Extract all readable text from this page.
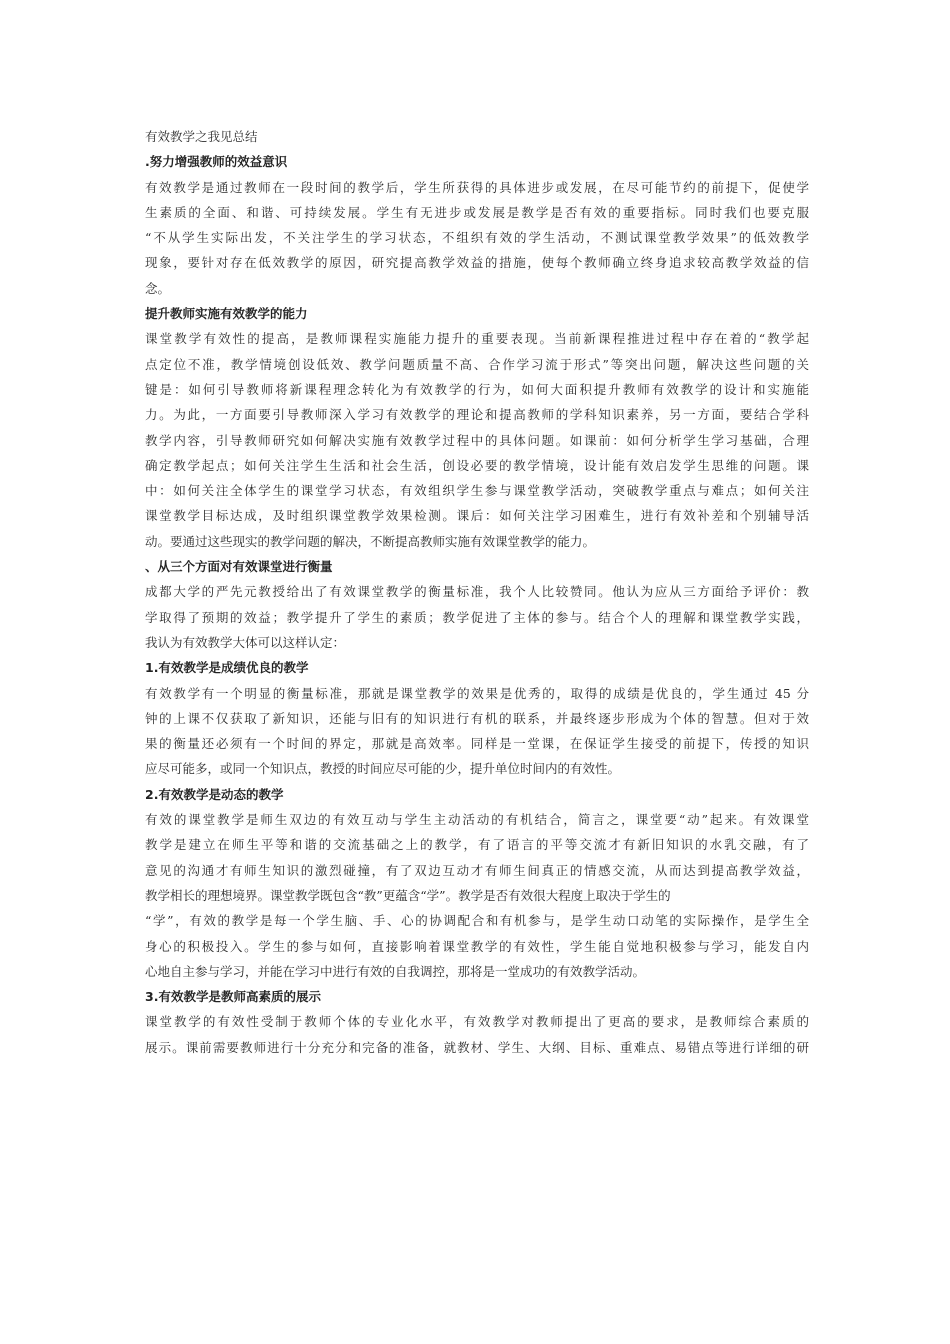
有效教学之我见总结
.努力增强教师的效益意识
有效教学是通过教师在一段时间的教学后，学生所获得的具体进步或发展，在尽可能节约的前提下，促使学
生素质的全面、和谐、可持续发展。学生有无进步或发展是教学是否有效的重要指标。同时我们也要克服
“不从学生实际出发，不关注学生的学习状态，不组织有效的学生活动，不测试课堂教学效果”的低效教学
现象，要针对存在低效教学的原因，研究提高教学效益的措施，使每个教师确立终身追求较高教学效益的信
念。
提升教师实施有效教学的能力
课堂教学有效性的提高，是教师课程实施能力提升的重要表现。当前新课程推进过程中存在着的“教学起
点定位不准，教学情境创设低效、教学问题质量不高、合作学习流于形式”等突出问题，解决这些问题的关
键是：如何引导教师将新课程理念转化为有效教学的行为，如何大面积提升教师有效教学的设计和实施能
力。为此，一方面要引导教师深入学习有效教学的理论和提高教师的学科知识素养，另一方面，要结合学科
教学内容，引导教师研究如何解决实施有效教学过程中的具体问题。如课前：如何分析学生学习基础，合理
确定教学起点；如何关注学生生活和社会生活，创设必要的教学情境，设计能有效启发学生思维的问题。课
中：如何关注全体学生的课堂学习状态，有效组织学生参与课堂教学活动，突破教学重点与难点；如何关注
课堂教学目标达成，及时组织课堂教学效果检测。课后：如何关注学习困难生，进行有效补差和个别辅导活
动。要通过这些现实的教学问题的解决，不断提高教师实施有效课堂教学的能力。
、从三个方面对有效课堂进行衡量
成都大学的严先元教授给出了有效课堂教学的衡量标准，我个人比较赞同。他认为应从三方面给予评价：教
学取得了预期的效益；教学提升了学生的素质；教学促进了主体的参与。结合个人的理解和课堂教学实践，
我认为有效教学大体可以这样认定：
1.有效教学是成绩优良的教学
有效教学有一个明显的衡量标准，那就是课堂教学的效果是优秀的，取得的成绩是优良的，学生通过 45 分
钟的上课不仅获取了新知识，还能与旧有的知识进行有机的联系，并最终逐步形成为个体的智慧。但对于效
果的衡量还必须有一个时间的界定，那就是高效率。同样是一堂课，在保证学生接受的前提下，传授的知识
应尽可能多，或同一个知识点，教授的时间应尽可能的少，提升单位时间内的有效性。
2.有效教学是动态的教学
有效的课堂教学是师生双边的有效互动与学生主动活动的有机结合，简言之，课堂要“动”起来。有效课堂
教学是建立在师生平等和谐的交流基础之上的教学，有了语言的平等交流才有新旧知识的水乳交融，有了
意见的沟通才有师生知识的激烈碰撞，有了双边互动才有师生间真正的情感交流，从而达到提高教学效益，
教学相长的理想境界。课堂教学既包含“教”更蕴含“学”。教学是否有效很大程度上取决于学生的
“学”，有效的教学是每一个学生脑、手、心的协调配合和有机参与，是学生动口动笔的实际操作，是学生全
身心的积极投入。学生的参与如何，直接影响着课堂教学的有效性，学生能自觉地积极参与学习，能发自内
心地自主参与学习，并能在学习中进行有效的自我调控，那将是一堂成功的有效教学活动。
3.有效教学是教师高素质的展示
课堂教学的有效性受制于教师个体的专业化水平，有效教学对教师提出了更高的要求，是教师综合素质的
展示。课前需要教师进行十分充分和完备的准备，就教材、学生、大纲、目标、重难点、易错点等进行详细的研
